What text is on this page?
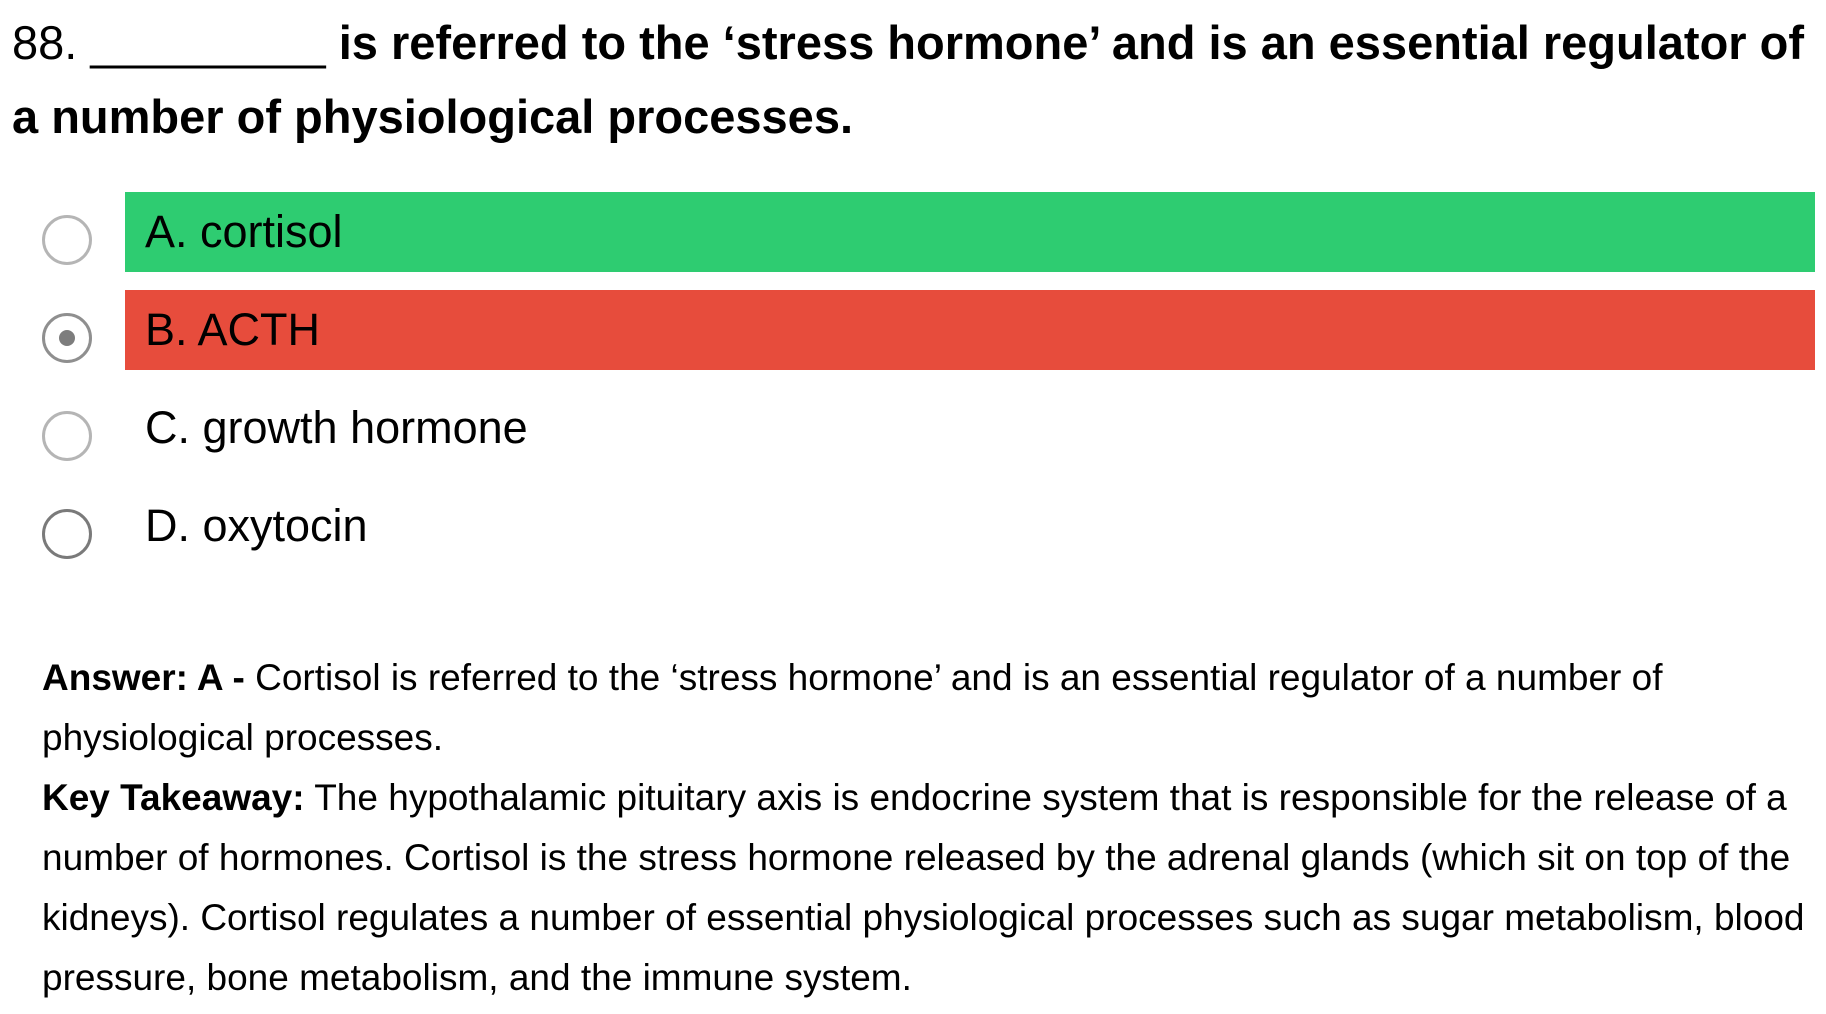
88. _________ is referred to the ‘stress hormone’ and is an essential regulator of a number of physiological processes.
A. cortisol
B. ACTH
C. growth hormone
D. oxytocin

Answer: A - Cortisol is referred to the ‘stress hormone’ and is an essential regulator of a number of physiological processes.

Key Takeaway: The hypothalamic pituitary axis is endocrine system that is responsible for the release of a number of hormones. Cortisol is the stress hormone released by the adrenal glands (which sit on top of the kidneys). Cortisol regulates a number of essential physiological processes such as sugar metabolism, blood pressure, bone metabolism, and the immune system.
